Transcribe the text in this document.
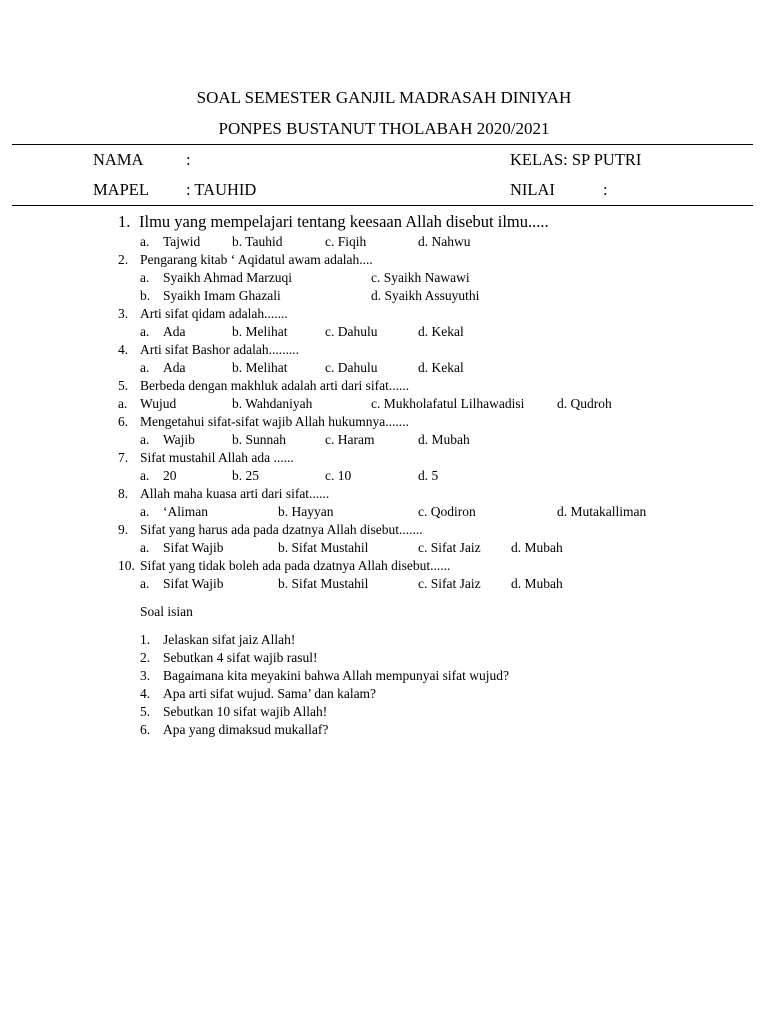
SOAL SEMESTER GANJIL MADRASAH DINIYAH
PONPES BUSTANUT THOLABAH 2020/2021
NAMA	:	KELAS: SP PUTRI
MAPEL : TAUHID	NILAI	:
1. Ilmu yang mempelajari tentang keesaan Allah disebut ilmu.....
a. Tajwid b. Tauhid	c. Fiqih	d. Nahwu
2. Pengarang kitab ‘ Aqidatul awam adalah....
a. Syaikh Ahmad Marzuqi	c. Syaikh Nawawi
b. Syaikh Imam Ghazali	d. Syaikh Assuyuthi
3. Arti sifat qidam adalah.......
a. Ada	b. Melihat	c. Dahulu	d. Kekal
4. Arti sifat Bashor adalah.........
a. Ada	b. Melihat	c. Dahulu	d. Kekal
5. Berbeda dengan makhluk adalah arti dari sifat......
a. Wujud	b. Wahdaniyah	c. Mukholafatul Lilhawadisi d. Qudroh
6. Mengetahui sifat-sifat wajib Allah hukumnya.......
a. Wajib	b. Sunnah	c. Haram	d. Mubah
7. Sifat mustahil Allah ada ......
a. 20	b. 25	c. 10	d. 5
8. Allah maha kuasa arti dari sifat......
a. ‘Aliman	b. Hayyan	c. Qodiron	d. Mutakalliman
9. Sifat yang harus ada pada dzatnya Allah disebut.......
a. Sifat Wajib	b. Sifat Mustahil	c. Sifat Jaiz d. Mubah
10. Sifat yang tidak boleh ada pada dzatnya Allah disebut......
a. Sifat Wajib	b. Sifat Mustahil	c. Sifat Jaiz d. Mubah
Soal isian
1. Jelaskan sifat jaiz Allah!
2. Sebutkan 4 sifat wajib rasul!
3. Bagaimana kita meyakini bahwa Allah mempunyai sifat wujud?
4. Apa arti sifat wujud. Sama’ dan kalam?
5. Sebutkan 10 sifat wajib Allah!
6. Apa yang dimaksud mukallaf?
